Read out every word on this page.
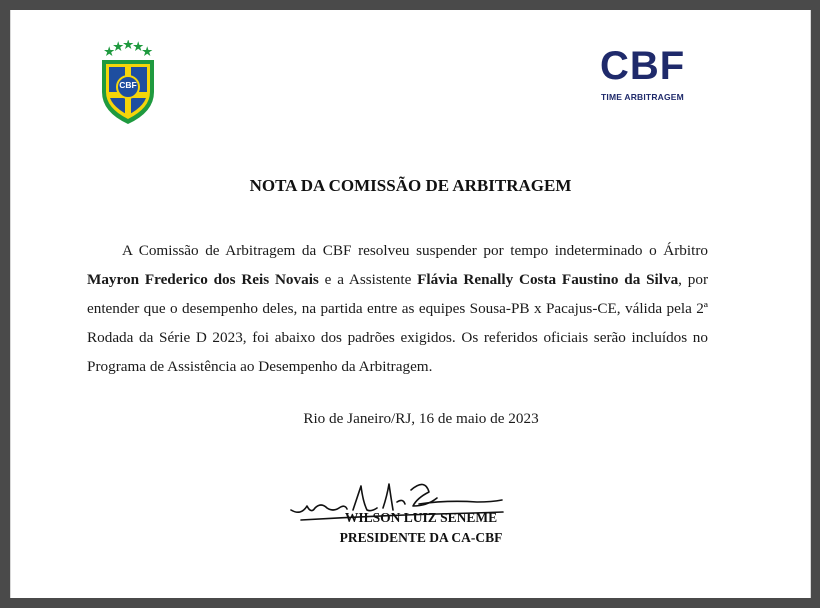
CBF	CBF
TIME ARBITRAGEM
NOTA DA COMISSÃO DE ARBITRAGEM

A Comissão de Arbitragem da CBF resolveu suspender por tempo indeterminado o Árbitro Mayron Frederico dos Reis Novais e a Assistente Flávia Renally Costa Faustino da Silva, por entender que o desempenho deles, na partida entre as equipes Sousa-PB x Pacajus-CE, válida pela 2ª Rodada da Série D 2023, foi abaixo dos padrões exigidos. Os referidos oficiais serão incluídos no Programa de Assistência ao Desempenho da Arbitragem.

Rio de Janeiro/RJ, 16 de maio de 2023

WILSON LUIZ SENEME

PRESIDENTE DA CA-CBF
